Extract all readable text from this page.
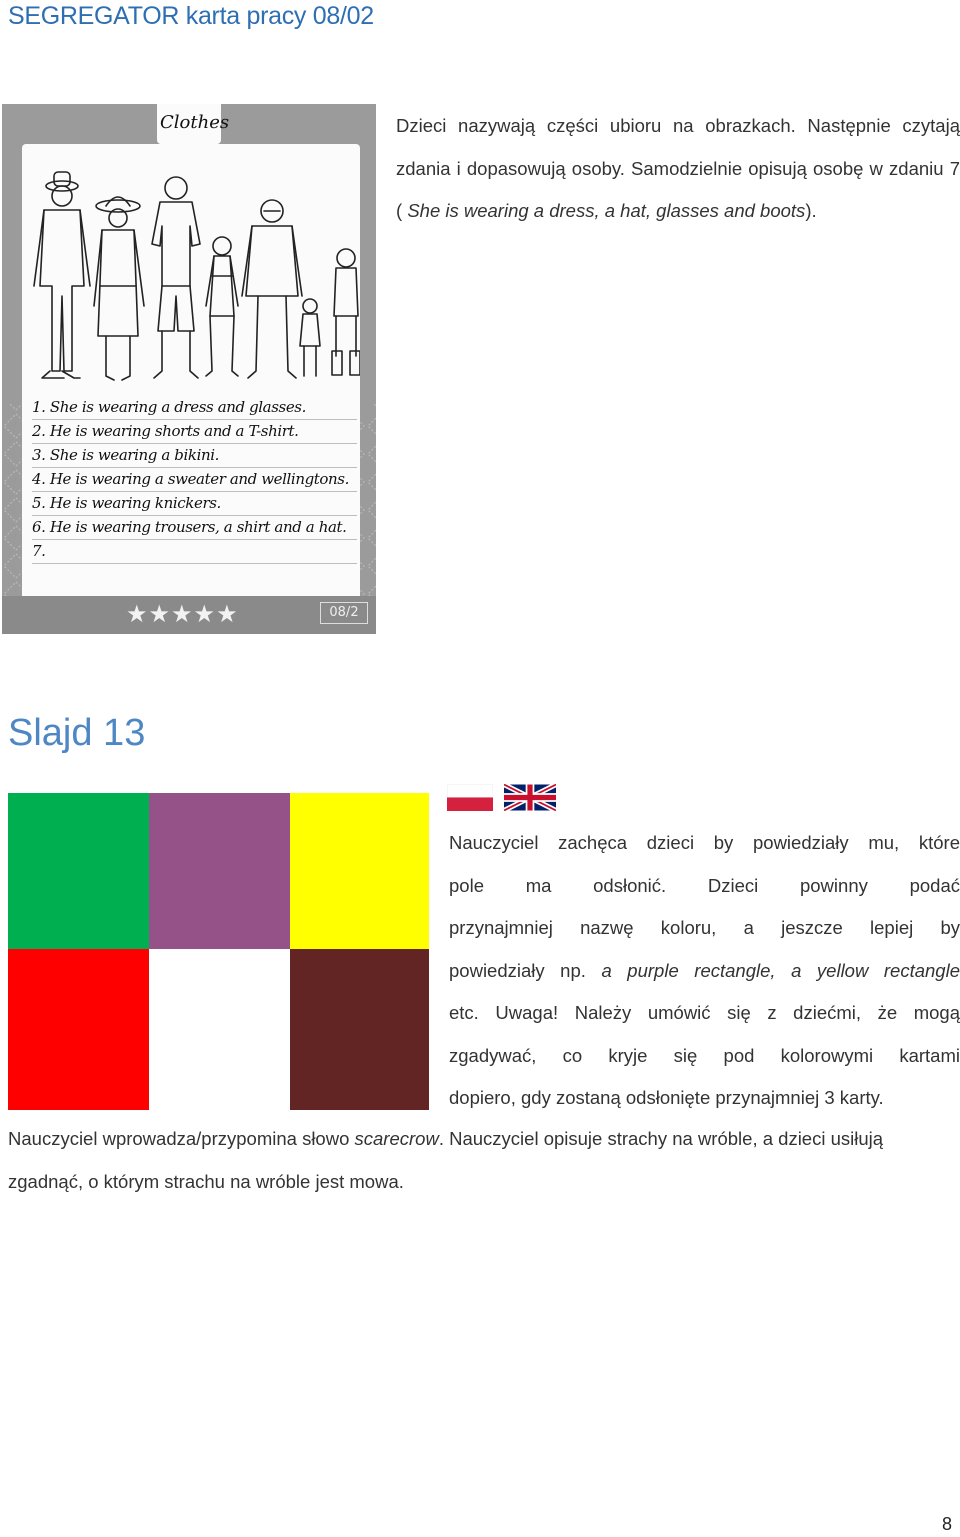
SEGREGATOR karta pracy 08/02
Clothes
1. She is wearing a dress and glasses.
2. He is wearing shorts and a T-shirt.
3. She is wearing a bikini.
4. He is wearing a sweater and wellingtons.
5. He is wearing knickers.
6. He is wearing trousers, a shirt and a hat.
7.
★★★★★	08/2

Dzieci nazywają części ubioru na obrazkach. Następnie czytają zdania i dopasowują osoby. Samodzielnie opisują osobę w zdaniu 7 ( She is wearing a dress, a hat, glasses and boots).

Slajd 13
Nauczyciel zachęca dzieci by powiedziały mu, które
pole ma odsłonić. Dzieci powinny podać
przynajmniej nazwę koloru, a jeszcze lepiej by
powiedziały np. a purple rectangle, a yellow rectangle
etc. Uwaga! Należy umówić się z dziećmi, że mogą
zgadywać, co kryje się pod kolorowymi kartami
dopiero, gdy zostaną odsłonięte przynajmniej 3 karty.

Nauczyciel wprowadza/przypomina słowo scarecrow. Nauczyciel opisuje strachy na wróble, a dzieci usiłują zgadnąć, o którym strachu na wróble jest mowa.

8
